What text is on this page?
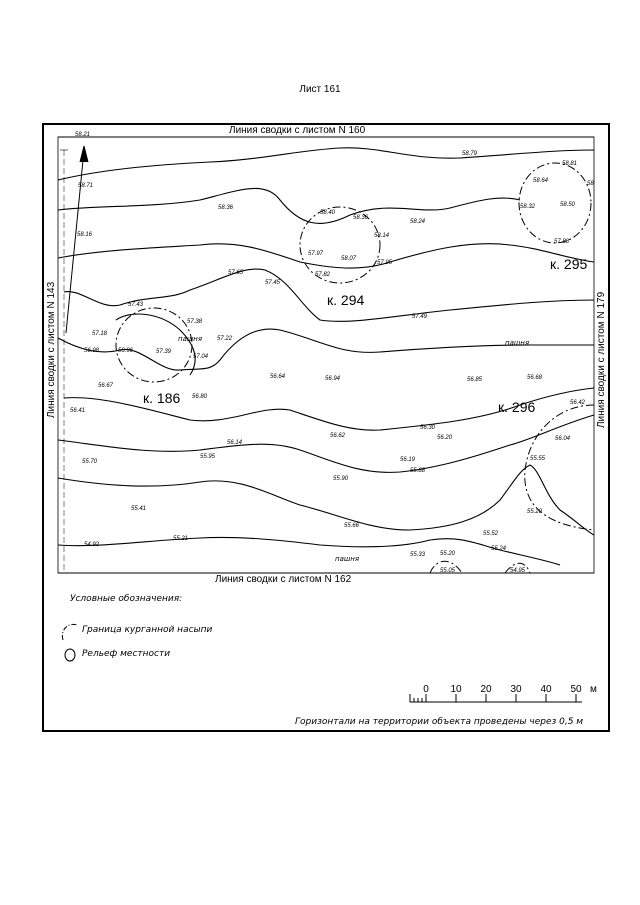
Лист 161
к. 186
к. 294
к. 295
к. 296
пашня	пашня
пашня
58.21
58.79
58.71
58.36
58.40
58.36
58.14
58.24
58.81
58.64
58.32	58.50
58
58.16
57.97
58.07
57.95
57.82
57.88
57.65
57.45
57.43
57.38
57.49
57.18
56.98	56.96	57.39
57.04
57.22
56.67
56.64	56.94	56.85	56.68
56.80
56.41
56.42
56.30
56.20
56.62	56.04
56.14
55.95
55.70	56.19
55.88
55.90
55.55
55.41	55.20
55.21
55.66
55.52
54.92
55.24
55.33 55.20
55.05	54.95
Линия сводки с листом N 160
Линия сводки с листом N 162
Линия сводки с листом N 143	Линия сводки с листом N 179
Условные обозначения:
Граница курганной насыпи
Рельеф местности
0 10 20 30 40 50 м
Горизонтали на территории объекта проведены через 0,5 м
